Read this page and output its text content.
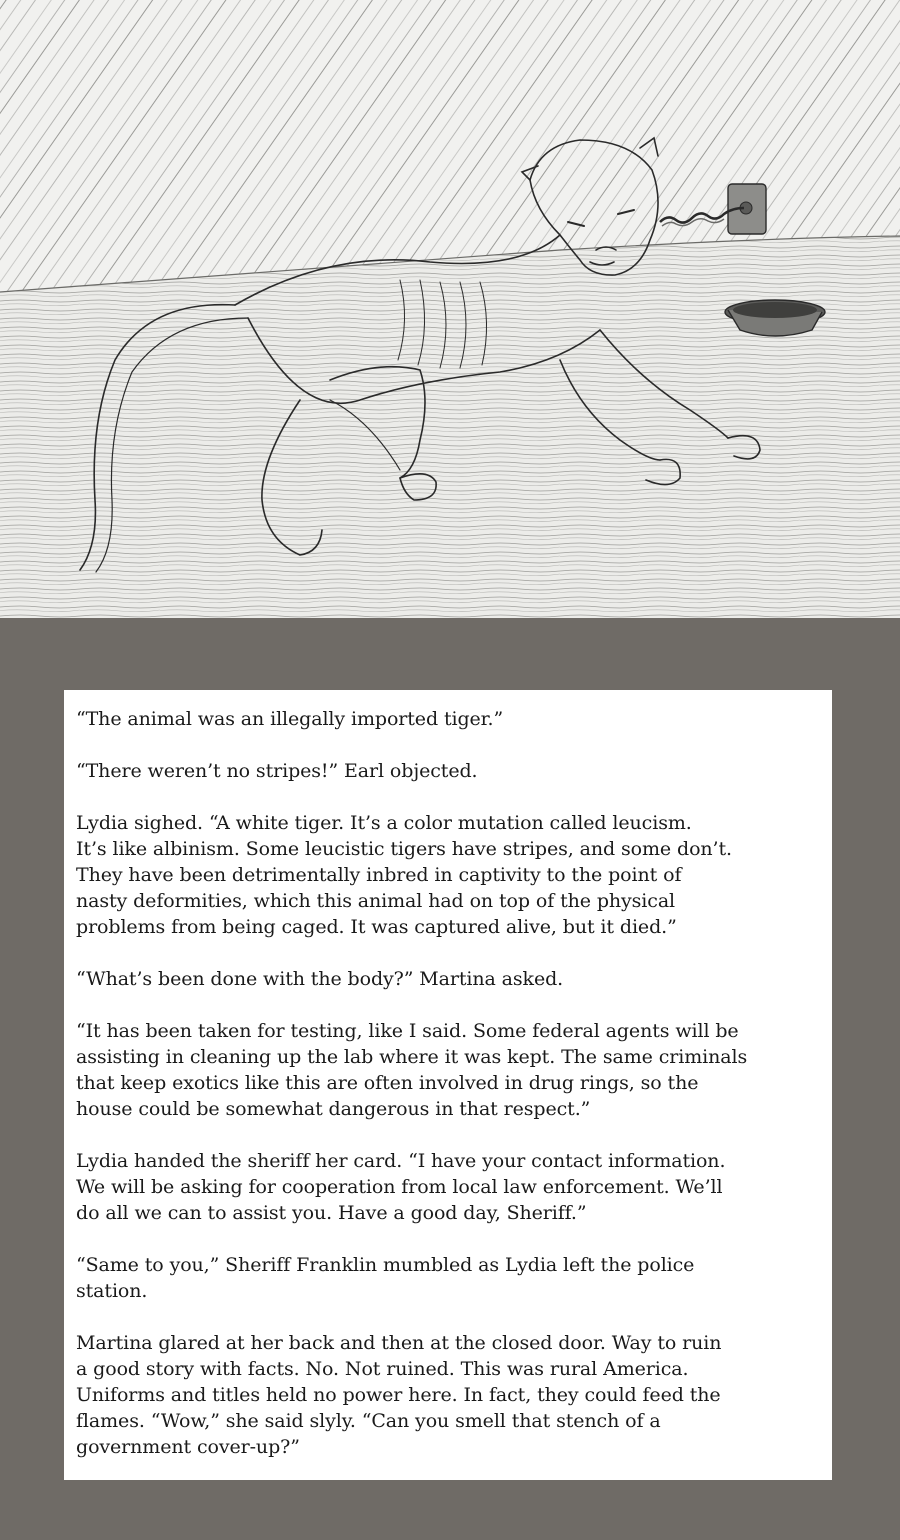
“The animal was an illegally imported tiger.”

“There weren’t no stripes!” Earl objected.

Lydia sighed. “A white tiger. It’s a color mutation called leucism.
It’s like albinism. Some leucistic tigers have stripes, and some don’t.
They have been detrimentally inbred in captivity to the point of
nasty deformities, which this animal had on top of the physical
problems from being caged. It was captured alive, but it died.”

“What’s been done with the body?” Martina asked.

“It has been taken for testing, like I said. Some federal agents will be
assisting in cleaning up the lab where it was kept. The same criminals
that keep exotics like this are often involved in drug rings, so the
house could be somewhat dangerous in that respect.”

Lydia handed the sheriff her card. “I have your contact information.
We will be asking for cooperation from local law enforcement. We’ll
do all we can to assist you. Have a good day, Sheriff.”

“Same to you,” Sheriff Franklin mumbled as Lydia left the police
station.

Martina glared at her back and then at the closed door. Way to ruin
a good story with facts. No. Not ruined. This was rural America.
Uniforms and titles held no power here. In fact, they could feed the
flames. “Wow,” she said slyly. “Can you smell that stench of a
government cover-up?”
